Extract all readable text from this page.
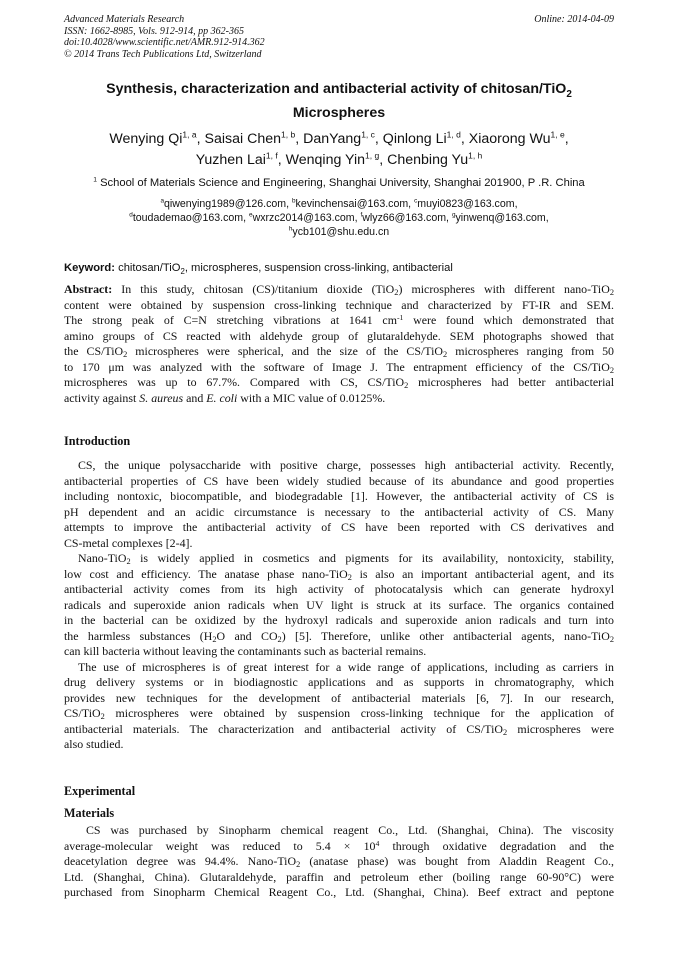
Advanced Materials Research
ISSN: 1662-8985, Vols. 912-914, pp 362-365
doi:10.4028/www.scientific.net/AMR.912-914.362
© 2014 Trans Tech Publications Ltd, Switzerland
Online: 2014-04-09
Synthesis, characterization and antibacterial activity of chitosan/TiO$_2$
Microspheres
Wenying Qi$^{1, a}$, Saisai Chen$^{1, b}$, DanYang$^{1, c}$, Qinlong Li$^{1, d}$, Xiaorong Wu$^{1, e}$,
Yuzhen Lai$^{1, f}$, Wenqing Yin$^{1, g}$, Chenbing Yu$^{1, h}$
$^1$ School of Materials Science and Engineering, Shanghai University, Shanghai 201900, P .R. China
$^a$qiwenying1989@126.com, $^b$kevinchensai@163.com, $^c$muyi0823@163.com,
$^d$toudademao@163.com, $^e$wxrzc2014@163.com, $^f$wlyz66@163.com, $^g$yinwenq@163.com,
$^h$ycb101@shu.edu.cn
Keyword: chitosan/TiO$_2$, microspheres, suspension cross-linking, antibacterial
Abstract: In this study, chitosan (CS)/titanium dioxide (TiO$_2$) microspheres with different nano-TiO$_2$
content were obtained by suspension cross-linking technique and characterized by FT-IR and SEM.
The strong peak of C=N stretching vibrations at 1641 $cm^{-1}$ were found which demonstrated that
amino groups of CS reacted with aldehyde group of glutaraldehyde. SEM photographs showed that
the CS/TiO$_2$ microspheres were spherical, and the size of the CS/TiO$_2$ microspheres ranging from 50
to 170 μm was analyzed with the software of Image J. The entrapment efficiency of the CS/TiO$_2$
microspheres was up to 67.7%. Compared with CS, CS/TiO$_2$ microspheres had better antibacterial
activity against S. aureus and E. coli with a MIC value of 0.0125%.
Introduction
CS, the unique polysaccharide with positive charge, possesses high antibacterial activity. Recently,
antibacterial properties of CS have been widely studied because of its abundance and good properties
including nontoxic, biocompatible, and biodegradable [1]. However, the antibacterial activity of CS is
pH dependent and an acidic circumstance is necessary to the antibacterial activity of CS. Many
attempts to improve the antibacterial activity of CS have been reported with CS derivatives and
CS-metal complexes [2-4].
Nano-TiO$_2$ is widely applied in cosmetics and pigments for its availability, nontoxicity, stability,
low cost and efficiency. The anatase phase nano-TiO$_2$ is also an important antibacterial agent, and its
antibacterial activity comes from its high activity of photocatalysis which can generate hydroxyl
radicals and superoxide anion radicals when UV light is struck at its surface. The organics contained
in the bacterial can be oxidized by the hydroxyl radicals and superoxide anion radicals and turn into
the harmless substances ($H_2O$ and $CO_2$) [5]. Therefore, unlike other antibacterial agents, nano-TiO$_2$
can kill bacteria without leaving the contaminants such as bacterial remains.
The use of microspheres is of great interest for a wide range of applications, including as carriers in
drug delivery systems or in biodiagnostic applications and as supports in chromatography, which
provides new techniques for the development of antibacterial materials [6, 7]. In our research,
CS/TiO$_2$ microspheres were obtained by suspension cross-linking technique for the application of
antibacterial materials. The characterization and antibacterial activity of CS/TiO$_2$ microspheres were
also studied.
Experimental
Materials
CS was purchased by Sinopharm chemical reagent Co., Ltd. (Shanghai, China). The viscosity
average-molecular weight was reduced to $5.4 \times 10^4$ through oxidative degradation and the
deacetylation degree was 94.4%. Nano-TiO$_2$ (anatase phase) was bought from Aladdin Reagent Co.,
Ltd. (Shanghai, China). Glutaraldehyde, paraffin and petroleum ether (boiling range 60-90°C) were
purchased from Sinopharm Chemical Reagent Co., Ltd. (Shanghai, China). Beef extract and peptone
